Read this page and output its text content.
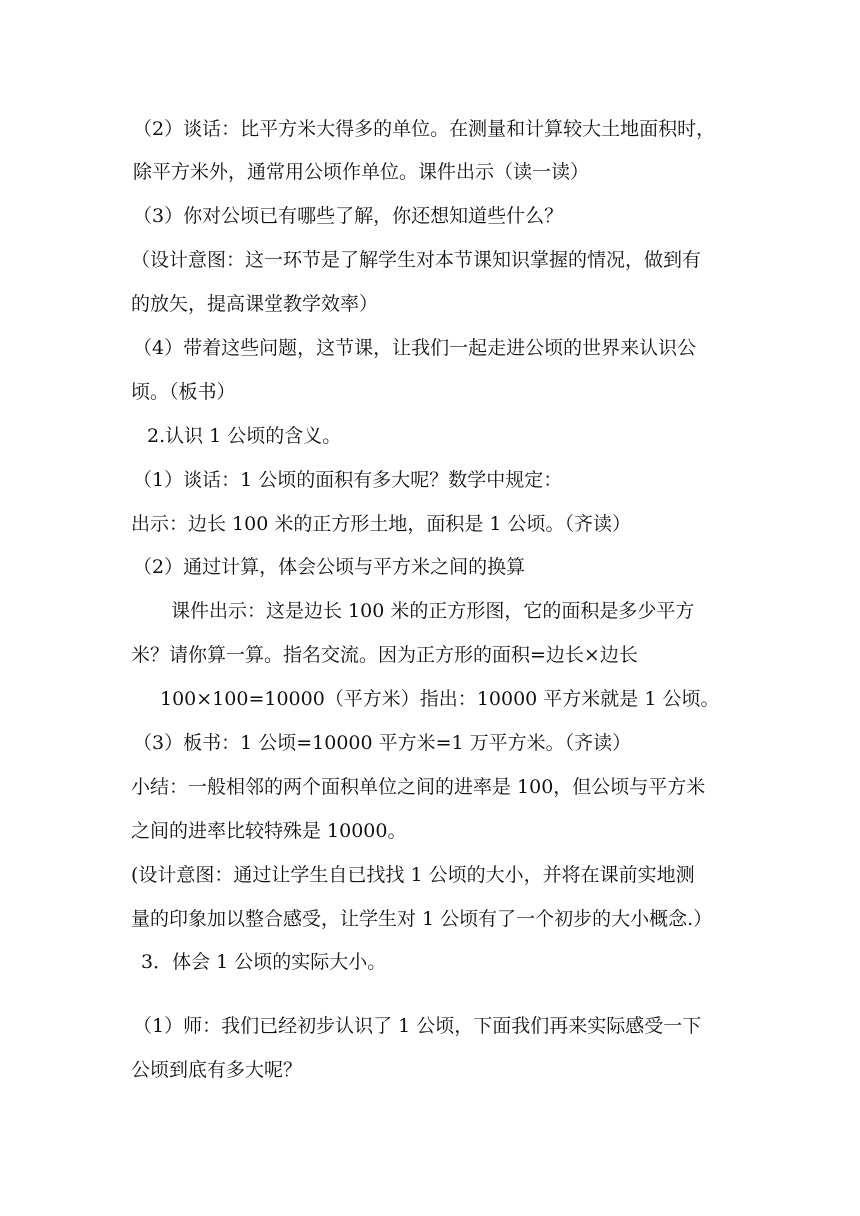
（2）谈话：比平方米大得多的单位。在测量和计算较大土地面积时，

除平方米外，通常用公顷作单位。课件出示（读一读）

（3）你对公顷已有哪些了解，你还想知道些什么？

（设计意图：这一环节是了解学生对本节课知识掌握的情况，做到有

的放矢，提高课堂教学效率）

（4）带着这些问题，这节课，让我们一起走进公顷的世界来认识公

顷。（板书）

2.认识 1 公顷的含义。

（1）谈话：1 公顷的面积有多大呢？数学中规定：

出示：边长 100 米的正方形土地，面积是 1 公顷。（齐读）

（2）通过计算，体会公顷与平方米之间的换算

课件出示：这是边长 100 米的正方形图，它的面积是多少平方

米？请你算一算。指名交流。因为正方形的面积=边长×边长

100×100=10000（平方米）指出：10000 平方米就是 1 公顷。

（3）板书：1 公顷=10000 平方米=1 万平方米。（齐读）

小结：一般相邻的两个面积单位之间的进率是 100，但公顷与平方米

之间的进率比较特殊是 10000。

(设计意图：通过让学生自已找找 1 公顷的大小，并将在课前实地测

量的印象加以整合感受，让学生对 1 公顷有了一个初步的大小概念.）

3．体会 1 公顷的实际大小。

（1）师：我们已经初步认识了 1 公顷，下面我们再来实际感受一下

公顷到底有多大呢？
